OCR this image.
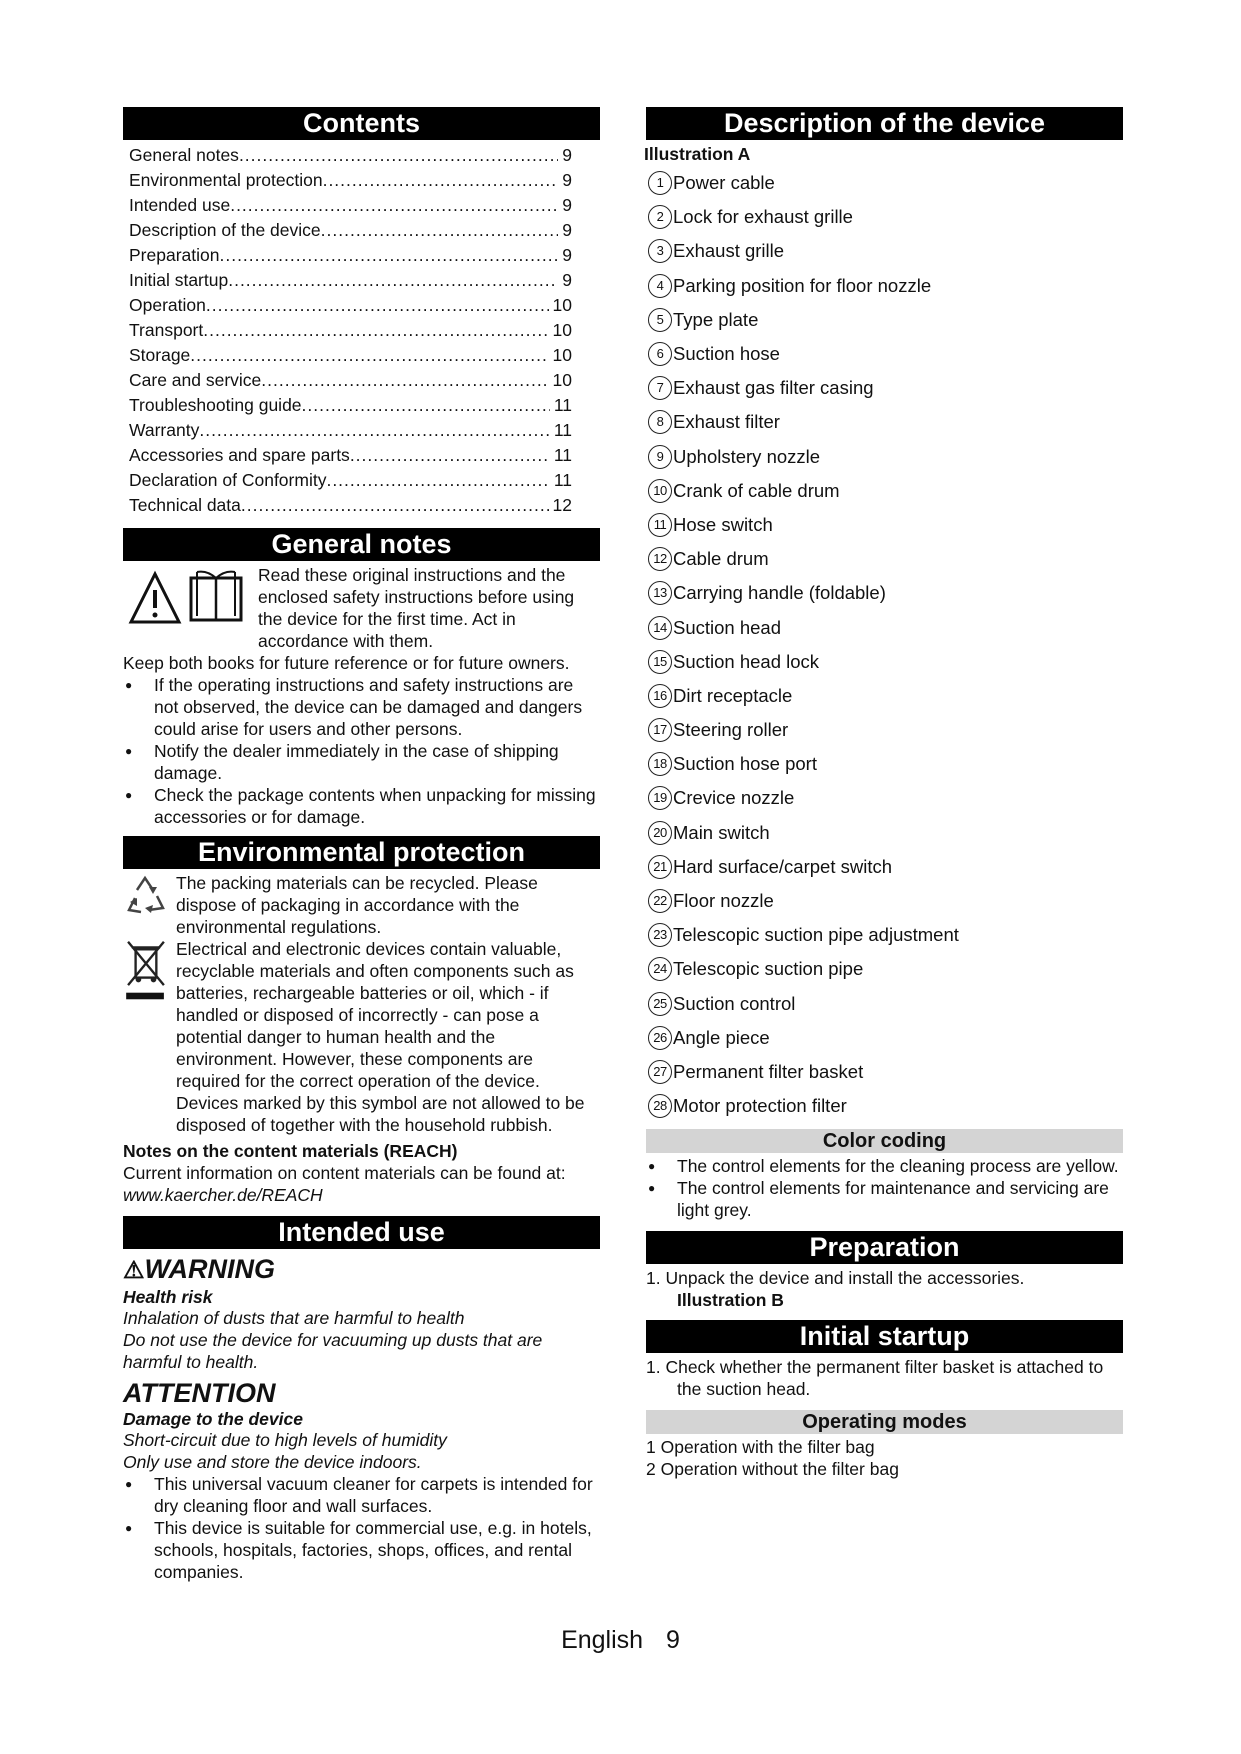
Contents
General notes .....	9
Environmental protection .....	9
Intended use .....	9
Description of the device .....	9
Preparation .....	9
Initial startup .....	9
Operation .....	10
Transport .....	10
Storage .....	10
Care and service .....	10
Troubleshooting guide .....	11
Warranty .....	11
Accessories and spare parts .....	11
Declaration of Conformity .....	11
Technical data .....	12
General notes
Read these original instructions and the enclosed safety instructions before using the device for the first time. Act in accordance with them.

Keep both books for future reference or for future owners.

● If the operating instructions and safety instructions are not observed, the device can be damaged and dangers could arise for users and other persons.
● Notify the dealer immediately in the case of shipping damage.
● Check the package contents when unpacking for missing accessories or for damage.
Environmental protection
The packing materials can be recycled. Please dispose of packaging in accordance with the environmental regulations.
Electrical and electronic devices contain valuable, recyclable materials and often components such as batteries, rechargeable batteries or oil, which - if handled or disposed of incorrectly - can pose a potential danger to human health and the environment. However, these components are required for the correct operation of the device. Devices marked by this symbol are not allowed to be disposed of together with the household rubbish.

Notes on the content materials (REACH)

Current information on content materials can be found at: www.kaercher.de/REACH

Intended use
⚠WARNING
Health risk
Inhalation of dusts that are harmful to health
Do not use the device for vacuuming up dusts that are harmful to health.
ATTENTION
Damage to the device
Short-circuit due to high levels of humidity
Only use and store the device indoors.
● This universal vacuum cleaner for carpets is intended for dry cleaning floor and wall surfaces.
● This device is suitable for commercial use, e.g. in hotels, schools, hospitals, factories, shops, offices, and rental companies.
Description of the device
Illustration A
1 Power cable
2 Lock for exhaust grille
3 Exhaust grille
4 Parking position for floor nozzle
5 Type plate
6 Suction hose
7 Exhaust gas filter casing
8 Exhaust filter
9 Upholstery nozzle
10 Crank of cable drum
11 Hose switch
12 Cable drum
13 Carrying handle (foldable)
14 Suction head
15 Suction head lock
16 Dirt receptacle
17 Steering roller
18 Suction hose port
19 Crevice nozzle
20 Main switch
21 Hard surface/carpet switch
22 Floor nozzle
23 Telescopic suction pipe adjustment
24 Telescopic suction pipe
25 Suction control
26 Angle piece
27 Permanent filter basket
28 Motor protection filter
Color coding
● The control elements for the cleaning process are yellow.
● The control elements for maintenance and servicing are light grey.
Preparation
1. Unpack the device and install the accessories.
Illustration B
Initial startup
1. Check whether the permanent filter basket is attached to the suction head.
Operating modes
1 Operation with the filter bag
2 Operation without the filter bag
English 9
